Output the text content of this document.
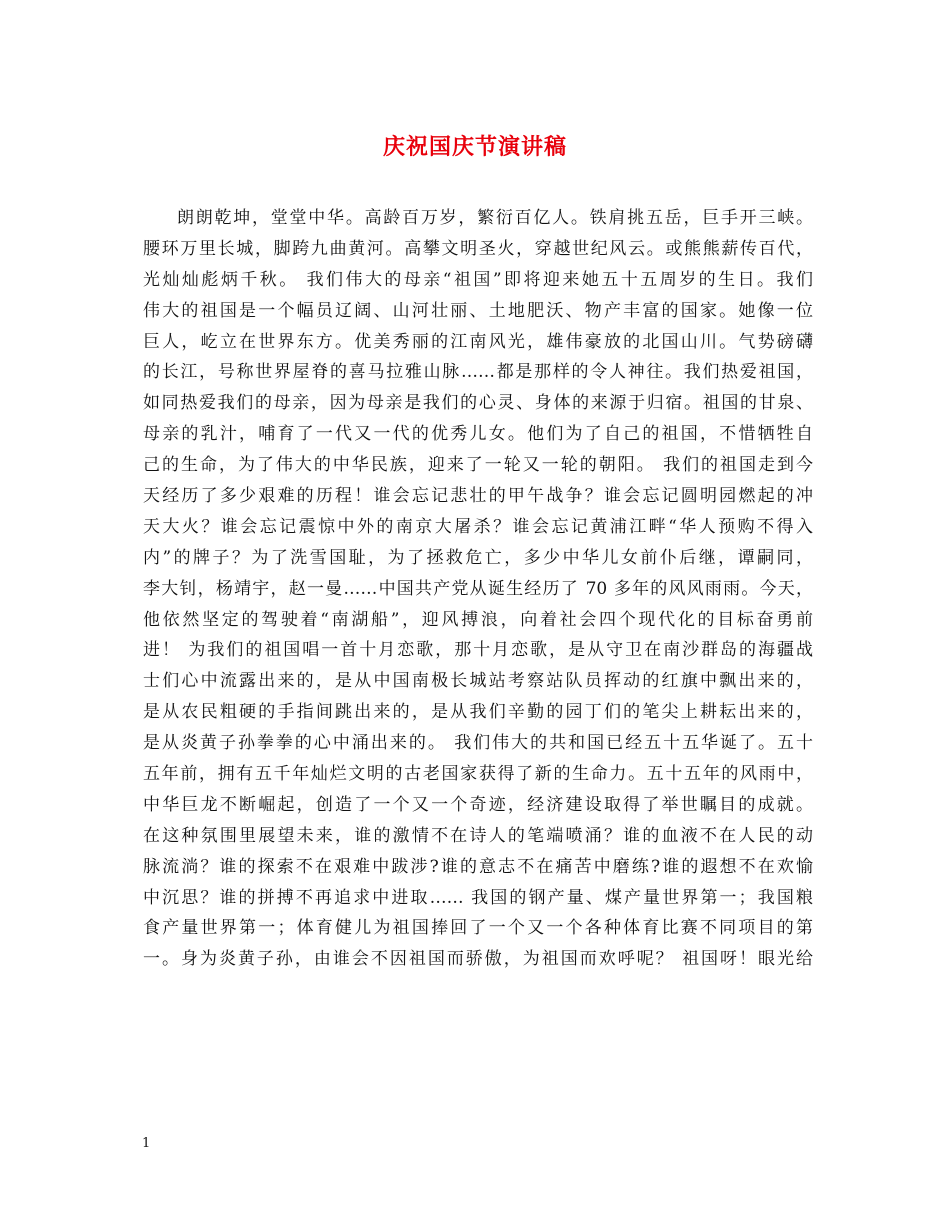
庆祝国庆节演讲稿
朗朗乾坤，堂堂中华。高龄百万岁，繁衍百亿人。铁肩挑五岳，巨手开三峡。
腰环万里长城，脚跨九曲黄河。高攀文明圣火，穿越世纪风云。或熊熊薪传百代，
光灿灿彪炳千秋。 我们伟大的母亲“祖国”即将迎来她五十五周岁的生日。我们
伟大的祖国是一个幅员辽阔、山河壮丽、土地肥沃、物产丰富的国家。她像一位
巨人，屹立在世界东方。优美秀丽的江南风光，雄伟豪放的北国山川。气势磅礴
的长江，号称世界屋脊的喜马拉雅山脉……都是那样的令人神往。我们热爱祖国，
如同热爱我们的母亲，因为母亲是我们的心灵、身体的来源于归宿。祖国的甘泉、
母亲的乳汁，哺育了一代又一代的优秀儿女。他们为了自己的祖国，不惜牺牲自
己的生命，为了伟大的中华民族，迎来了一轮又一轮的朝阳。 我们的祖国走到今
天经历了多少艰难的历程！谁会忘记悲壮的甲午战争？谁会忘记圆明园燃起的冲
天大火？谁会忘记震惊中外的南京大屠杀？谁会忘记黄浦江畔“华人预购不得入
内”的牌子？为了洗雪国耻，为了拯救危亡，多少中华儿女前仆后继，谭嗣同，
李大钊，杨靖宇，赵一曼……中国共产党从诞生经历了 70 多年的风风雨雨。今天，
他依然坚定的驾驶着“南湖船”，迎风搏浪，向着社会四个现代化的目标奋勇前
进！ 为我们的祖国唱一首十月恋歌，那十月恋歌，是从守卫在南沙群岛的海疆战
士们心中流露出来的，是从中国南极长城站考察站队员挥动的红旗中飘出来的，
是从农民粗硬的手指间跳出来的，是从我们辛勤的园丁们的笔尖上耕耘出来的，
是从炎黄子孙拳拳的心中涌出来的。 我们伟大的共和国已经五十五华诞了。五十
五年前，拥有五千年灿烂文明的古老国家获得了新的生命力。五十五年的风雨中，
中华巨龙不断崛起，创造了一个又一个奇迹，经济建设取得了举世瞩目的成就。
在这种氛围里展望未来，谁的激情不在诗人的笔端喷涌？谁的血液不在人民的动
脉流淌？谁的探索不在艰难中跋涉?谁的意志不在痛苦中磨练?谁的遐想不在欢愉
中沉思？谁的拼搏不再追求中进取…… 我国的钢产量、煤产量世界第一；我国粮
食产量世界第一；体育健儿为祖国捧回了一个又一个各种体育比赛不同项目的第
一。身为炎黄子孙，由谁会不因祖国而骄傲，为祖国而欢呼呢？ 祖国呀！眼光给
1
